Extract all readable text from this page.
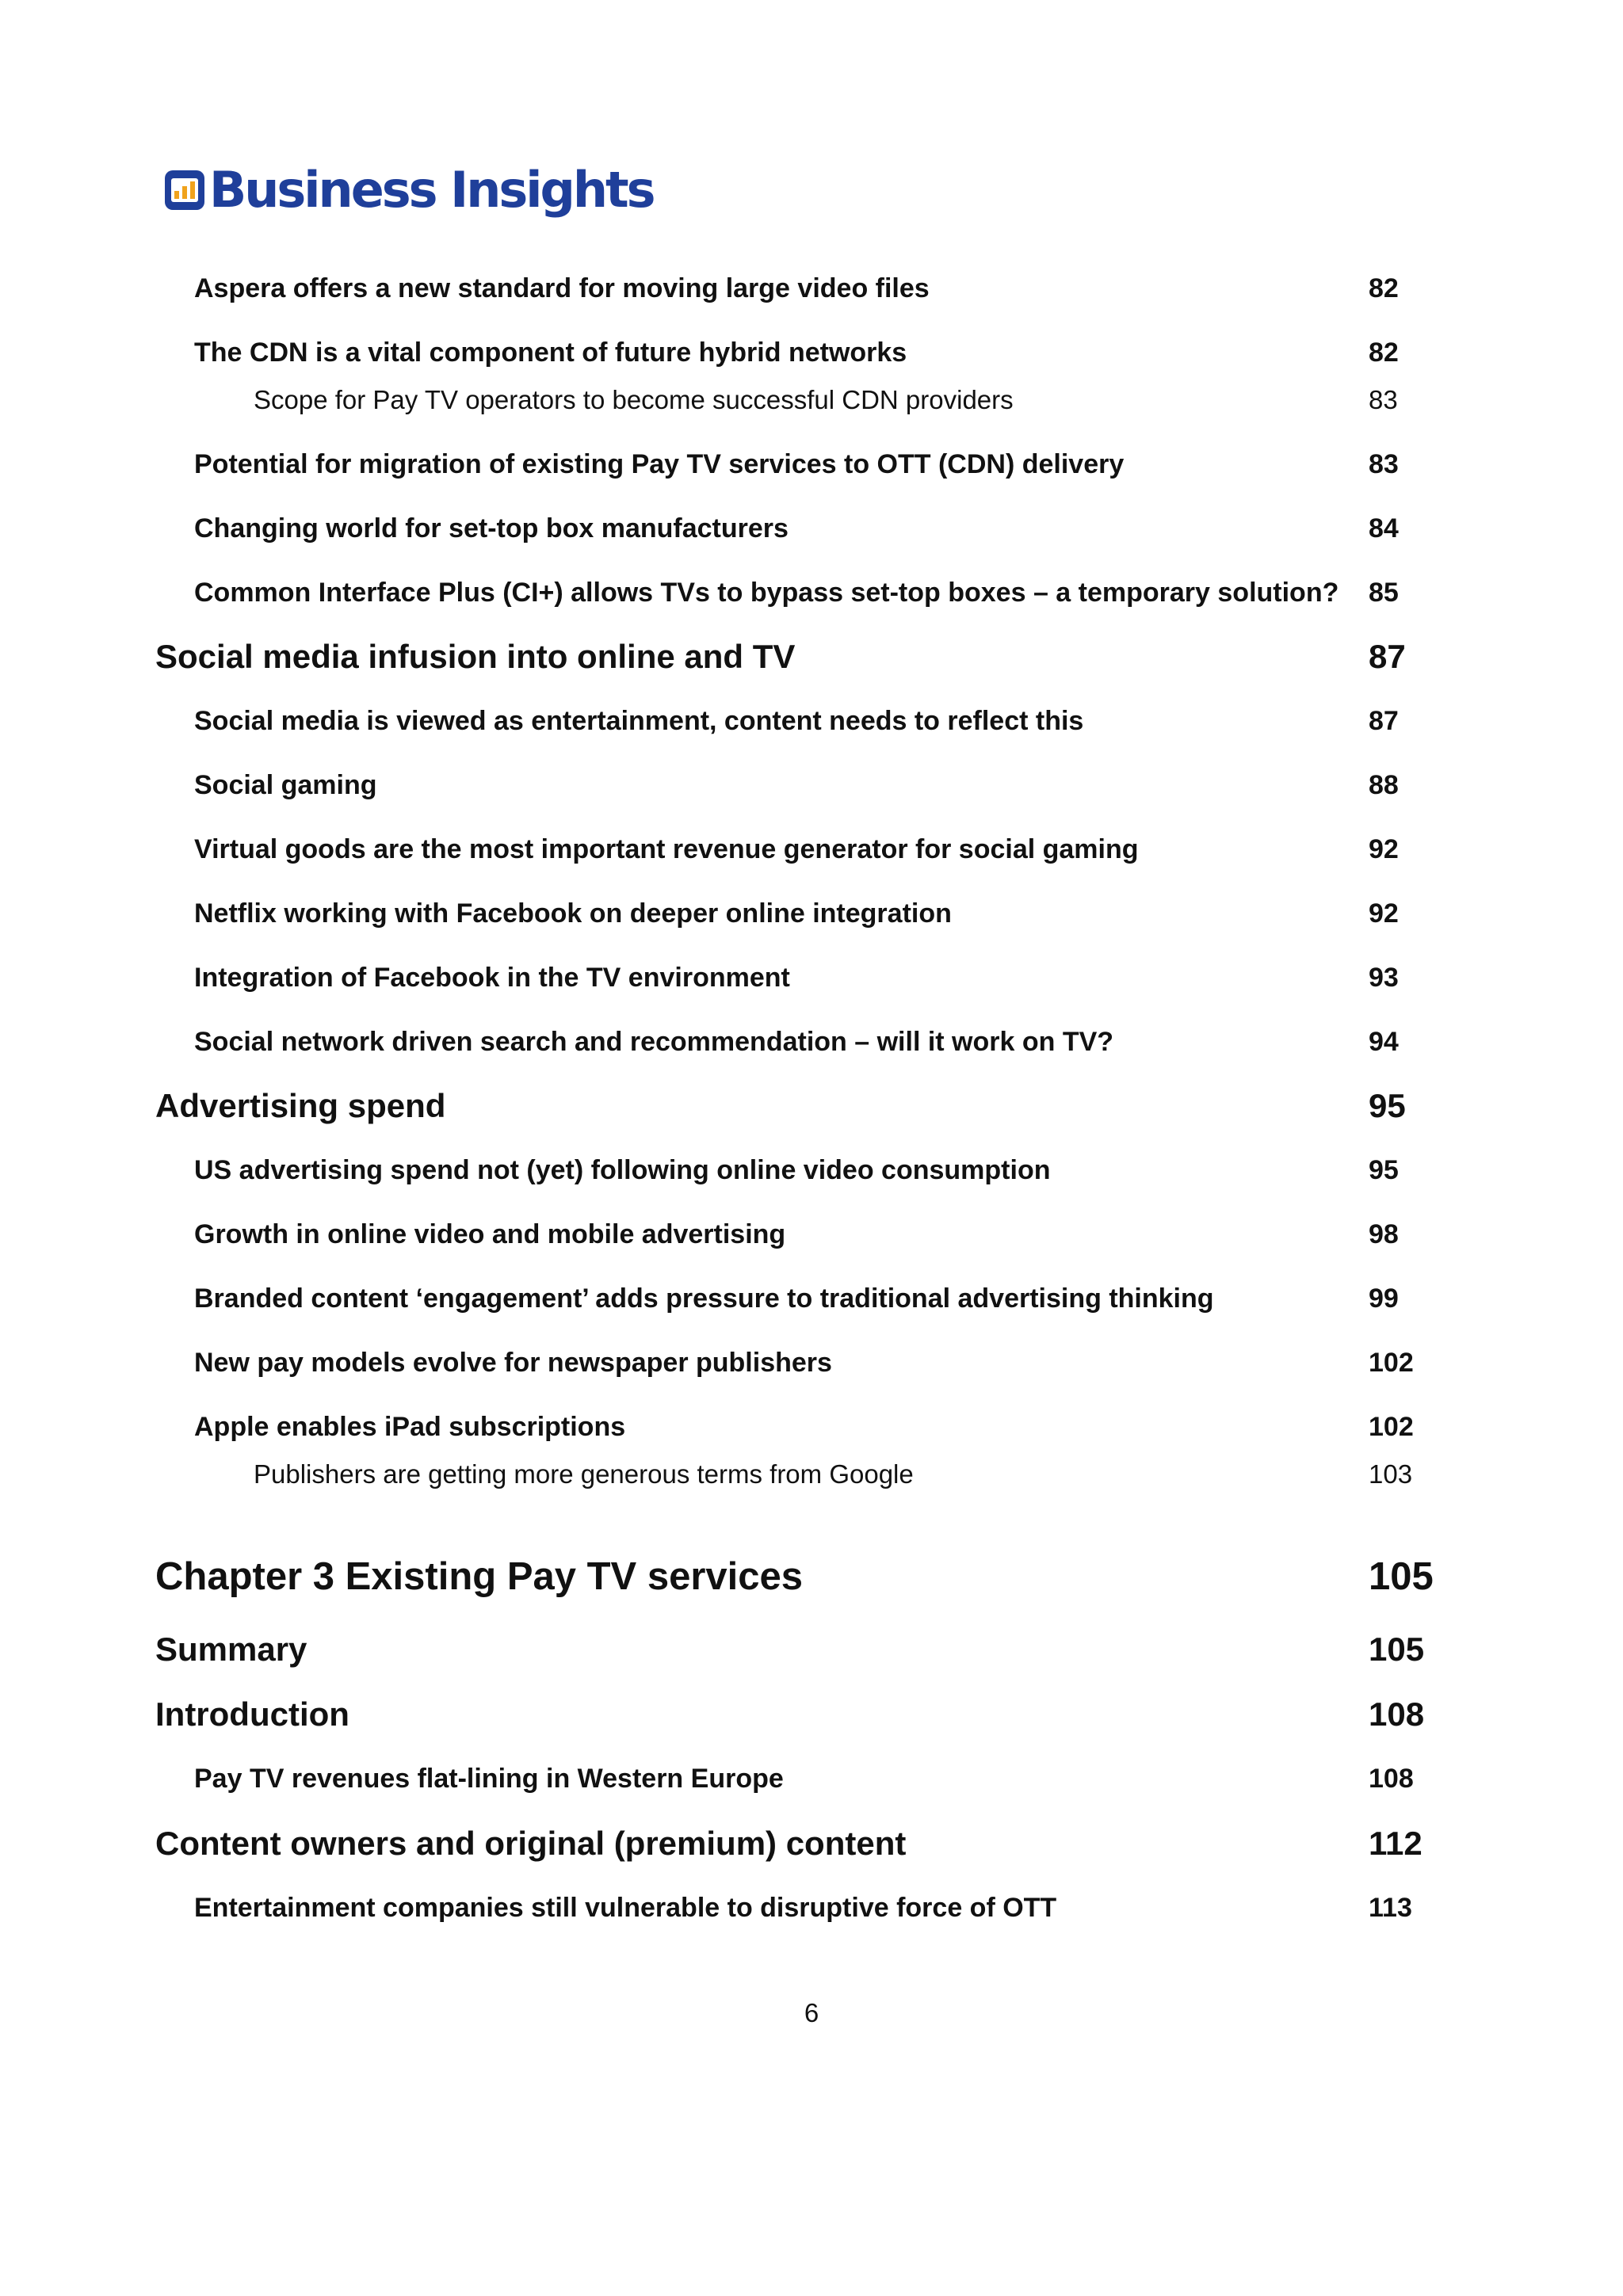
Business Insights
Aspera offers a new standard for moving large video files	82
The CDN is a vital component of future hybrid networks	82
Scope for Pay TV operators to become successful CDN providers	83
Potential for migration of existing Pay TV services to OTT (CDN) delivery	83
Changing world for set-top box manufacturers	84
Common Interface Plus (CI+) allows TVs to bypass set-top boxes – a temporary solution? 85
Social media infusion into online and TV	87
Social media is viewed as entertainment, content needs to reflect this	87
Social gaming	88
Virtual goods are the most important revenue generator for social gaming	92
Netflix working with Facebook on deeper online integration	92
Integration of Facebook in the TV environment	93
Social network driven search and recommendation – will it work on TV?	94
Advertising spend	95
US advertising spend not (yet) following online video consumption	95
Growth in online video and mobile advertising	98
Branded content ‘engagement’ adds pressure to traditional advertising thinking	99
New pay models evolve for newspaper publishers	102
Apple enables iPad subscriptions	102
Publishers are getting more generous terms from Google	103
Chapter 3 Existing Pay TV services	105
Summary	105
Introduction	108
Pay TV revenues flat-lining in Western Europe	108
Content owners and original (premium) content	112
Entertainment companies still vulnerable to disruptive force of OTT	113
6
